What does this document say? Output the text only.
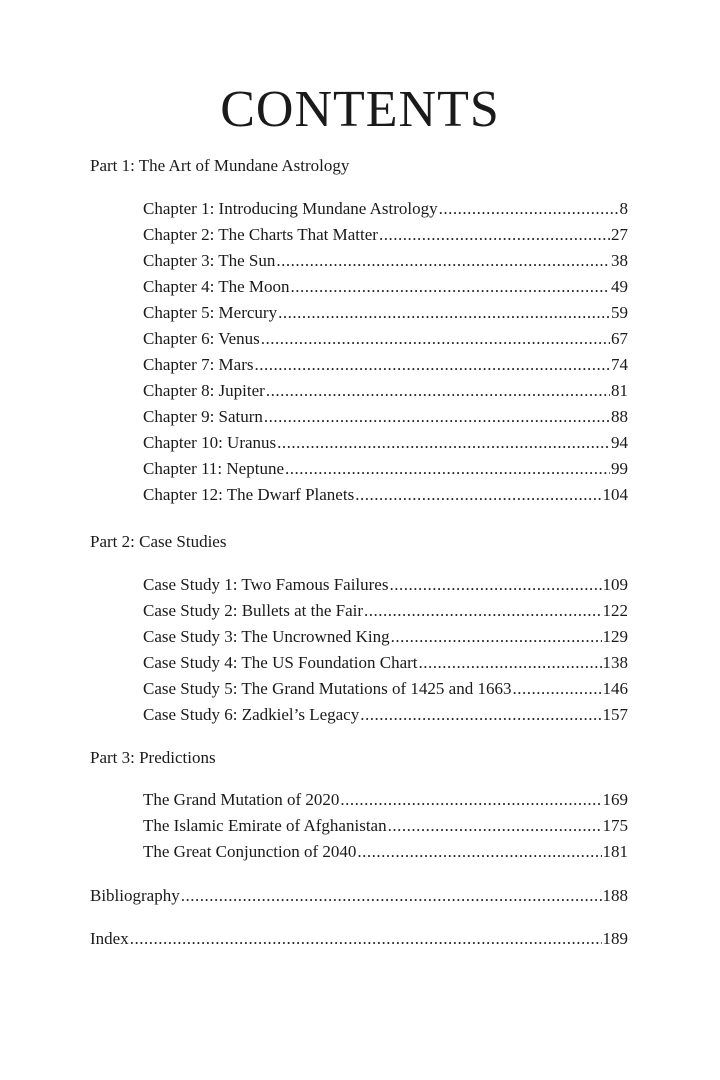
CONTENTS
Part 1: The Art of Mundane Astrology
Chapter 1: Introducing Mundane Astrology .....	8
Chapter 2: The Charts That Matter .....	27
Chapter 3: The Sun .....	38
Chapter 4: The Moon .....	49
Chapter 5: Mercury .....	59
Chapter 6: Venus .....	67
Chapter 7: Mars .....	74
Chapter 8: Jupiter .....	81
Chapter 9: Saturn .....	88
Chapter 10: Uranus .....	94
Chapter 11: Neptune .....	99
Chapter 12: The Dwarf Planets .....	104
Part 2: Case Studies
Case Study 1: Two Famous Failures .....	109
Case Study 2: Bullets at the Fair .....	122
Case Study 3: The Uncrowned King .....	129
Case Study 4: The US Foundation Chart .....	138
Case Study 5: The Grand Mutations of 1425 and 1663 .....	146
Case Study 6: Zadkiel’s Legacy .....	157
Part 3: Predictions
The Grand Mutation of 2020 .....	169
The Islamic Emirate of Afghanistan .....	175
The Great Conjunction of 2040 .....	181
Bibliography .....	188
Index .....	189
